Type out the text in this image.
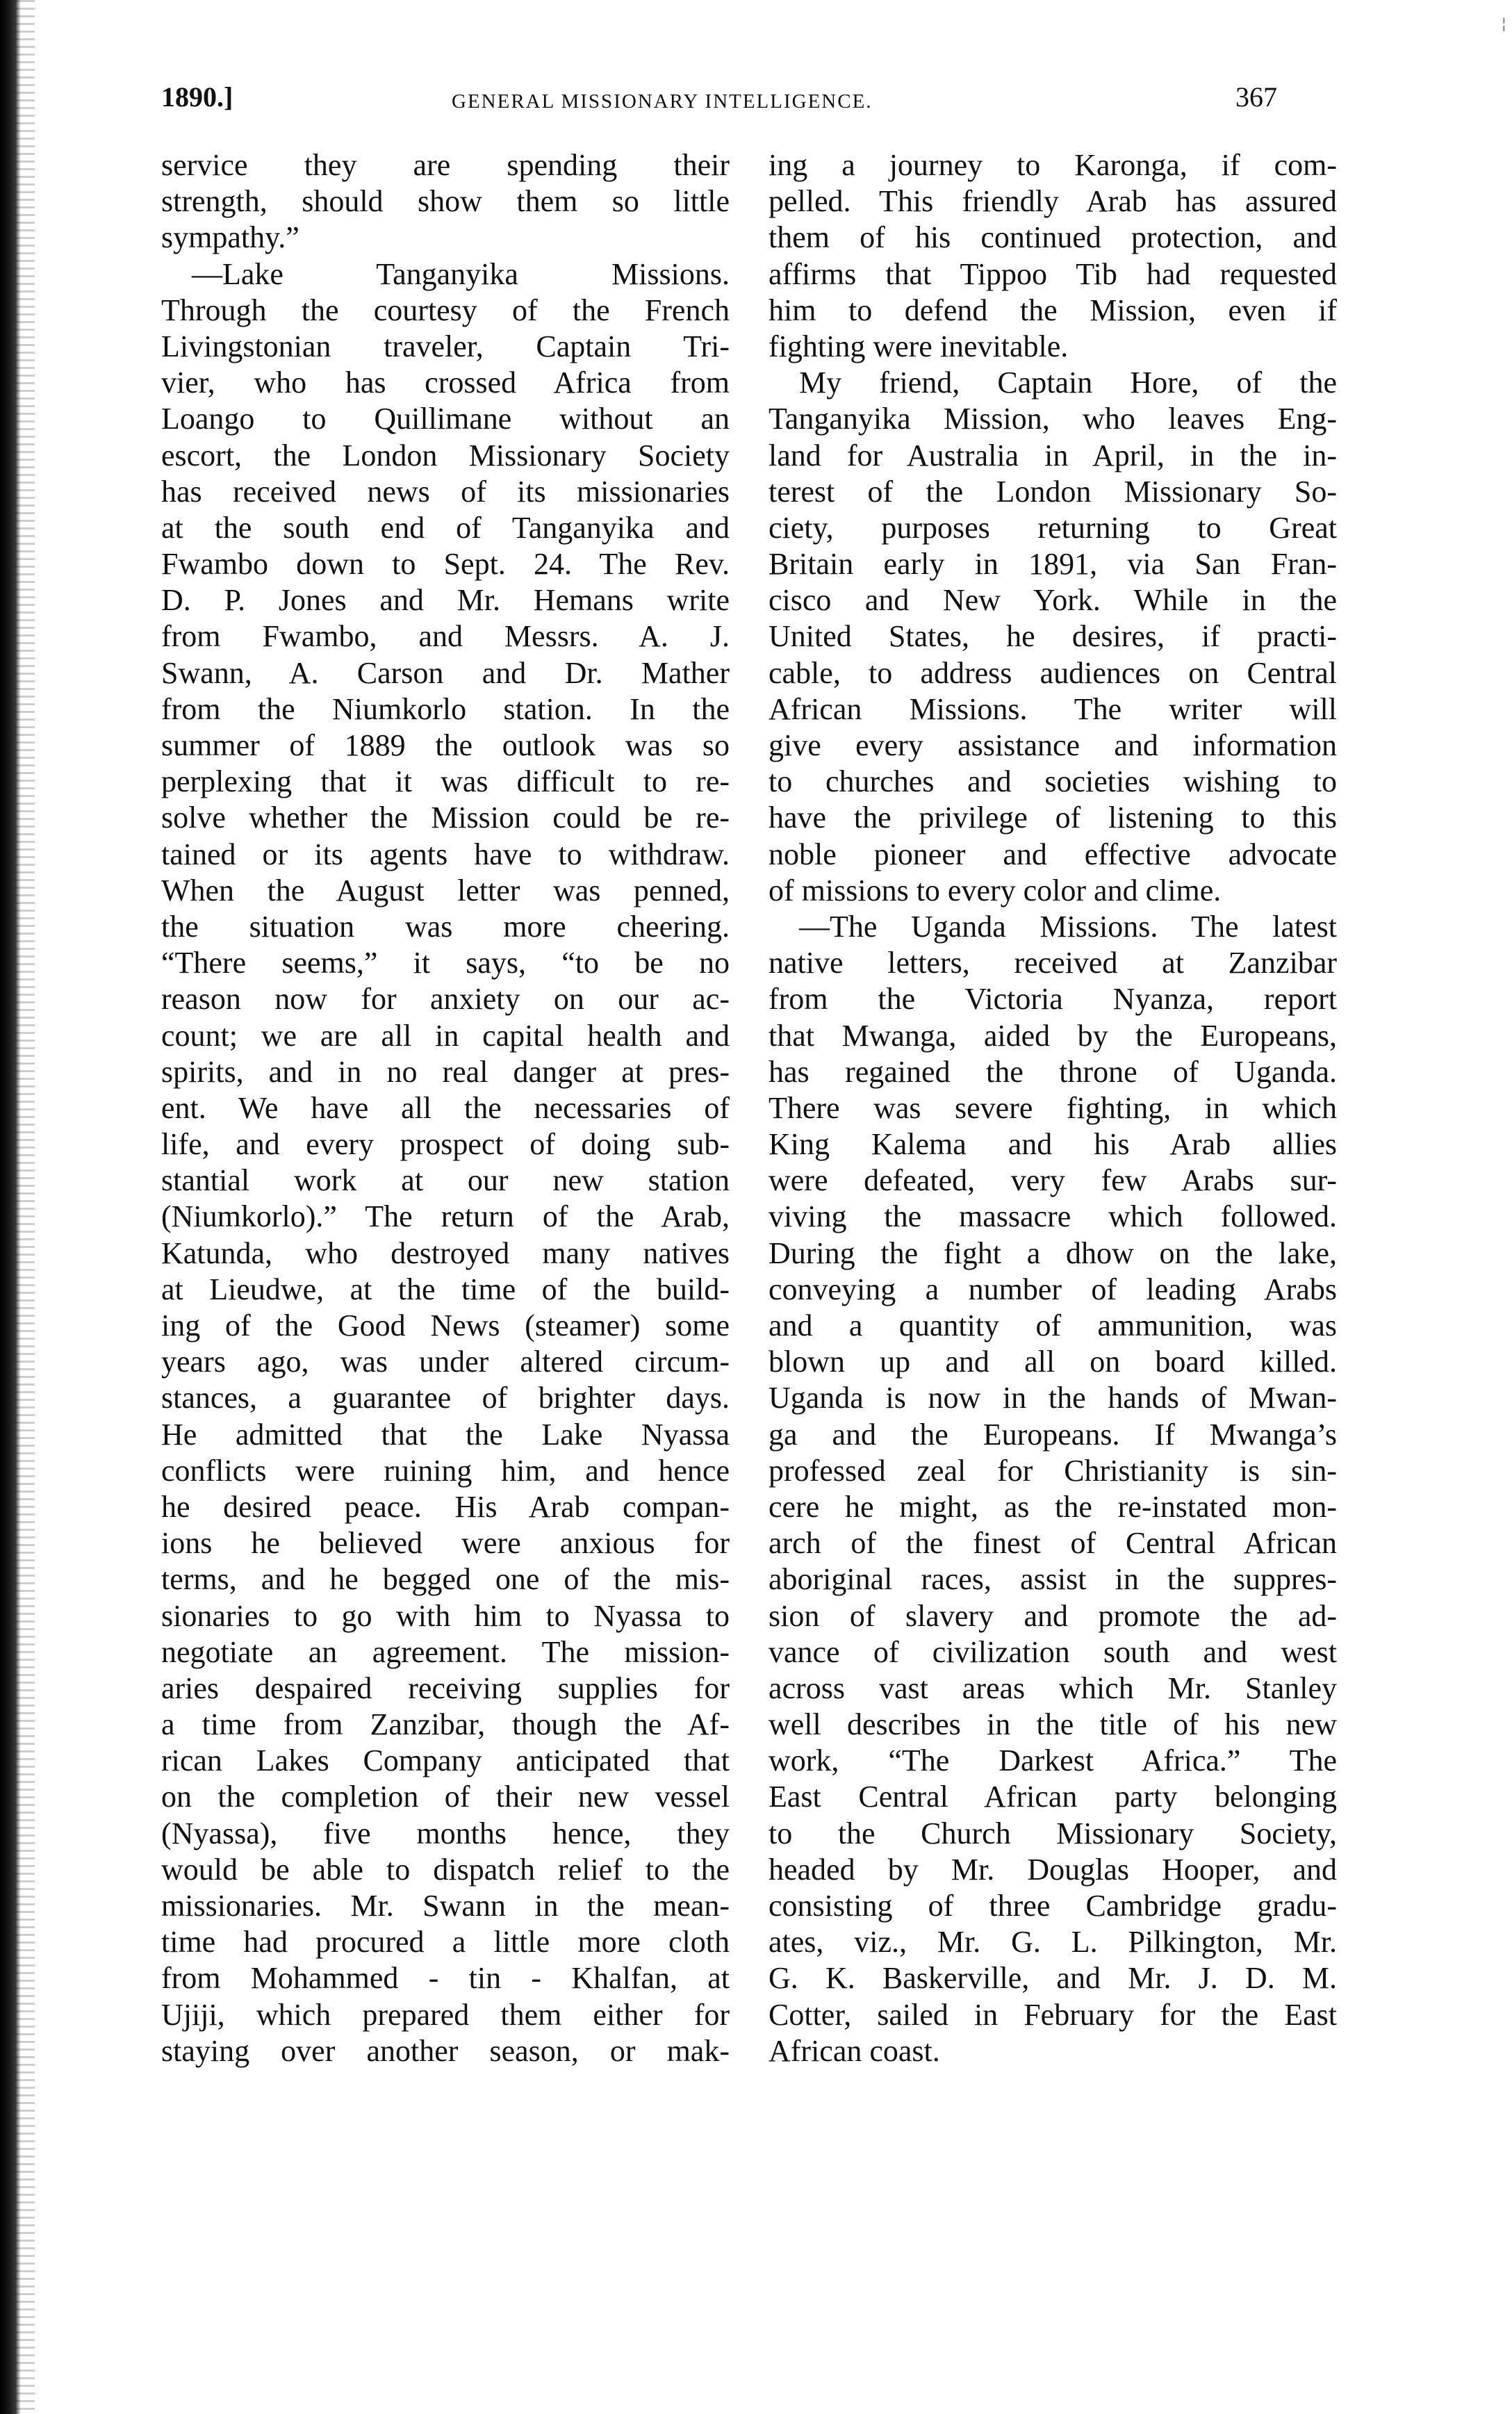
¦
1890.]	GENERAL MISSIONARY INTELLIGENCE.	367
service they are spending their
strength, should show them so little
sympathy.”
—Lake Tanganyika Missions.
Through the courtesy of the French
Livingstonian traveler, Captain Tri-
vier, who has crossed Africa from
Loango to Quillimane without an
escort, the London Missionary Society
has received news of its missionaries
at the south end of Tanganyika and
Fwambo down to Sept. 24. The Rev.
D. P. Jones and Mr. Hemans write
from Fwambo, and Messrs. A. J.
Swann, A. Carson and Dr. Mather
from the Niumkorlo station. In the
summer of 1889 the outlook was so
perplexing that it was difficult to re-
solve whether the Mission could be re-
tained or its agents have to withdraw.
When the August letter was penned,
the situation was more cheering.
“There seems,” it says, “to be no
reason now for anxiety on our ac-
count; we are all in capital health and
spirits, and in no real danger at pres-
ent. We have all the necessaries of
life, and every prospect of doing sub-
stantial work at our new station
(Niumkorlo).” The return of the Arab,
Katunda, who destroyed many natives
at Lieudwe, at the time of the build-
ing of the Good News (steamer) some
years ago, was under altered circum-
stances, a guarantee of brighter days.
He admitted that the Lake Nyassa
conflicts were ruining him, and hence
he desired peace. His Arab compan-
ions he believed were anxious for
terms, and he begged one of the mis-
sionaries to go with him to Nyassa to
negotiate an agreement. The mission-
aries despaired receiving supplies for
a time from Zanzibar, though the Af-
rican Lakes Company anticipated that
on the completion of their new vessel
(Nyassa), five months hence, they
would be able to dispatch relief to the
missionaries. Mr. Swann in the mean-
time had procured a little more cloth
from Mohammed - tin - Khalfan, at
Ujiji, which prepared them either for
staying over another season, or mak-
ing a journey to Karonga, if com-
pelled. This friendly Arab has assured
them of his continued protection, and
affirms that Tippoo Tib had requested
him to defend the Mission, even if
fighting were inevitable.
My friend, Captain Hore, of the
Tanganyika Mission, who leaves Eng-
land for Australia in April, in the in-
terest of the London Missionary So-
ciety, purposes returning to Great
Britain early in 1891, via San Fran-
cisco and New York. While in the
United States, he desires, if practi-
cable, to address audiences on Central
African Missions. The writer will
give every assistance and information
to churches and societies wishing to
have the privilege of listening to this
noble pioneer and effective advocate
of missions to every color and clime.
—The Uganda Missions. The latest
native letters, received at Zanzibar
from the Victoria Nyanza, report
that Mwanga, aided by the Europeans,
has regained the throne of Uganda.
There was severe fighting, in which
King Kalema and his Arab allies
were defeated, very few Arabs sur-
viving the massacre which followed.
During the fight a dhow on the lake,
conveying a number of leading Arabs
and a quantity of ammunition, was
blown up and all on board killed.
Uganda is now in the hands of Mwan-
ga and the Europeans. If Mwanga’s
professed zeal for Christianity is sin-
cere he might, as the re-instated mon-
arch of the finest of Central African
aboriginal races, assist in the suppres-
sion of slavery and promote the ad-
vance of civilization south and west
across vast areas which Mr. Stanley
well describes in the title of his new
work, “The Darkest Africa.” The
East Central African party belonging
to the Church Missionary Society,
headed by Mr. Douglas Hooper, and
consisting of three Cambridge gradu-
ates, viz., Mr. G. L. Pilkington, Mr.
G. K. Baskerville, and Mr. J. D. M.
Cotter, sailed in February for the East
African coast.
